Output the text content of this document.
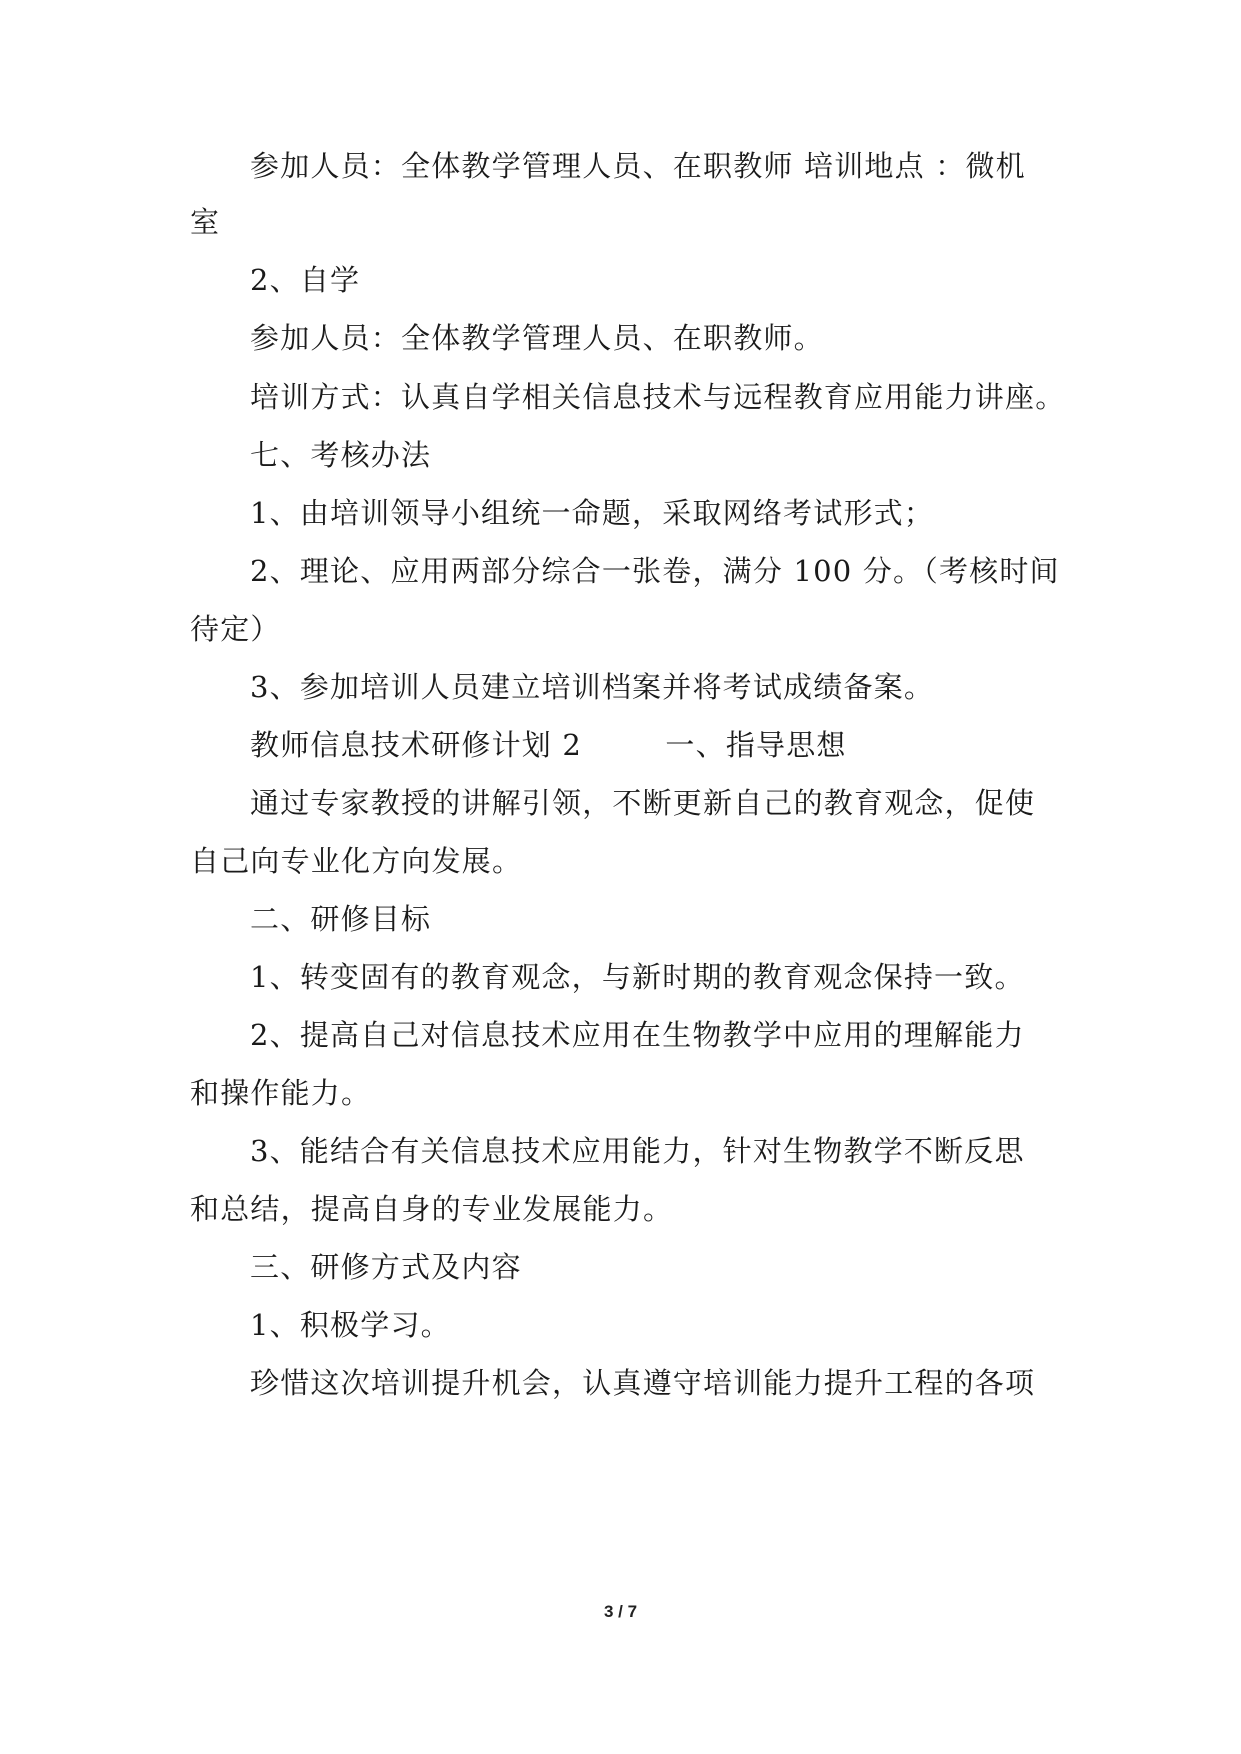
参加人员：全体教学管理人员、在职教师 培训地点 ：微机
室
2、自学
参加人员：全体教学管理人员、在职教师。
培训方式：认真自学相关信息技术与远程教育应用能力讲座。
七、考核办法
1、由培训领导小组统一命题，采取网络考试形式；
2、理论、应用两部分综合一张卷，满分 100 分。（考核时间
待定）
3、参加培训人员建立培训档案并将考试成绩备案。
教师信息技术研修计划 2        一、指导思想
通过专家教授的讲解引领，不断更新自己的教育观念，促使
自己向专业化方向发展。
二、研修目标
1、转变固有的教育观念，与新时期的教育观念保持一致。
2、提高自己对信息技术应用在生物教学中应用的理解能力
和操作能力。
3、能结合有关信息技术应用能力，针对生物教学不断反思
和总结，提高自身的专业发展能力。
三、研修方式及内容
1、积极学习。
珍惜这次培训提升机会，认真遵守培训能力提升工程的各项
3 / 7
